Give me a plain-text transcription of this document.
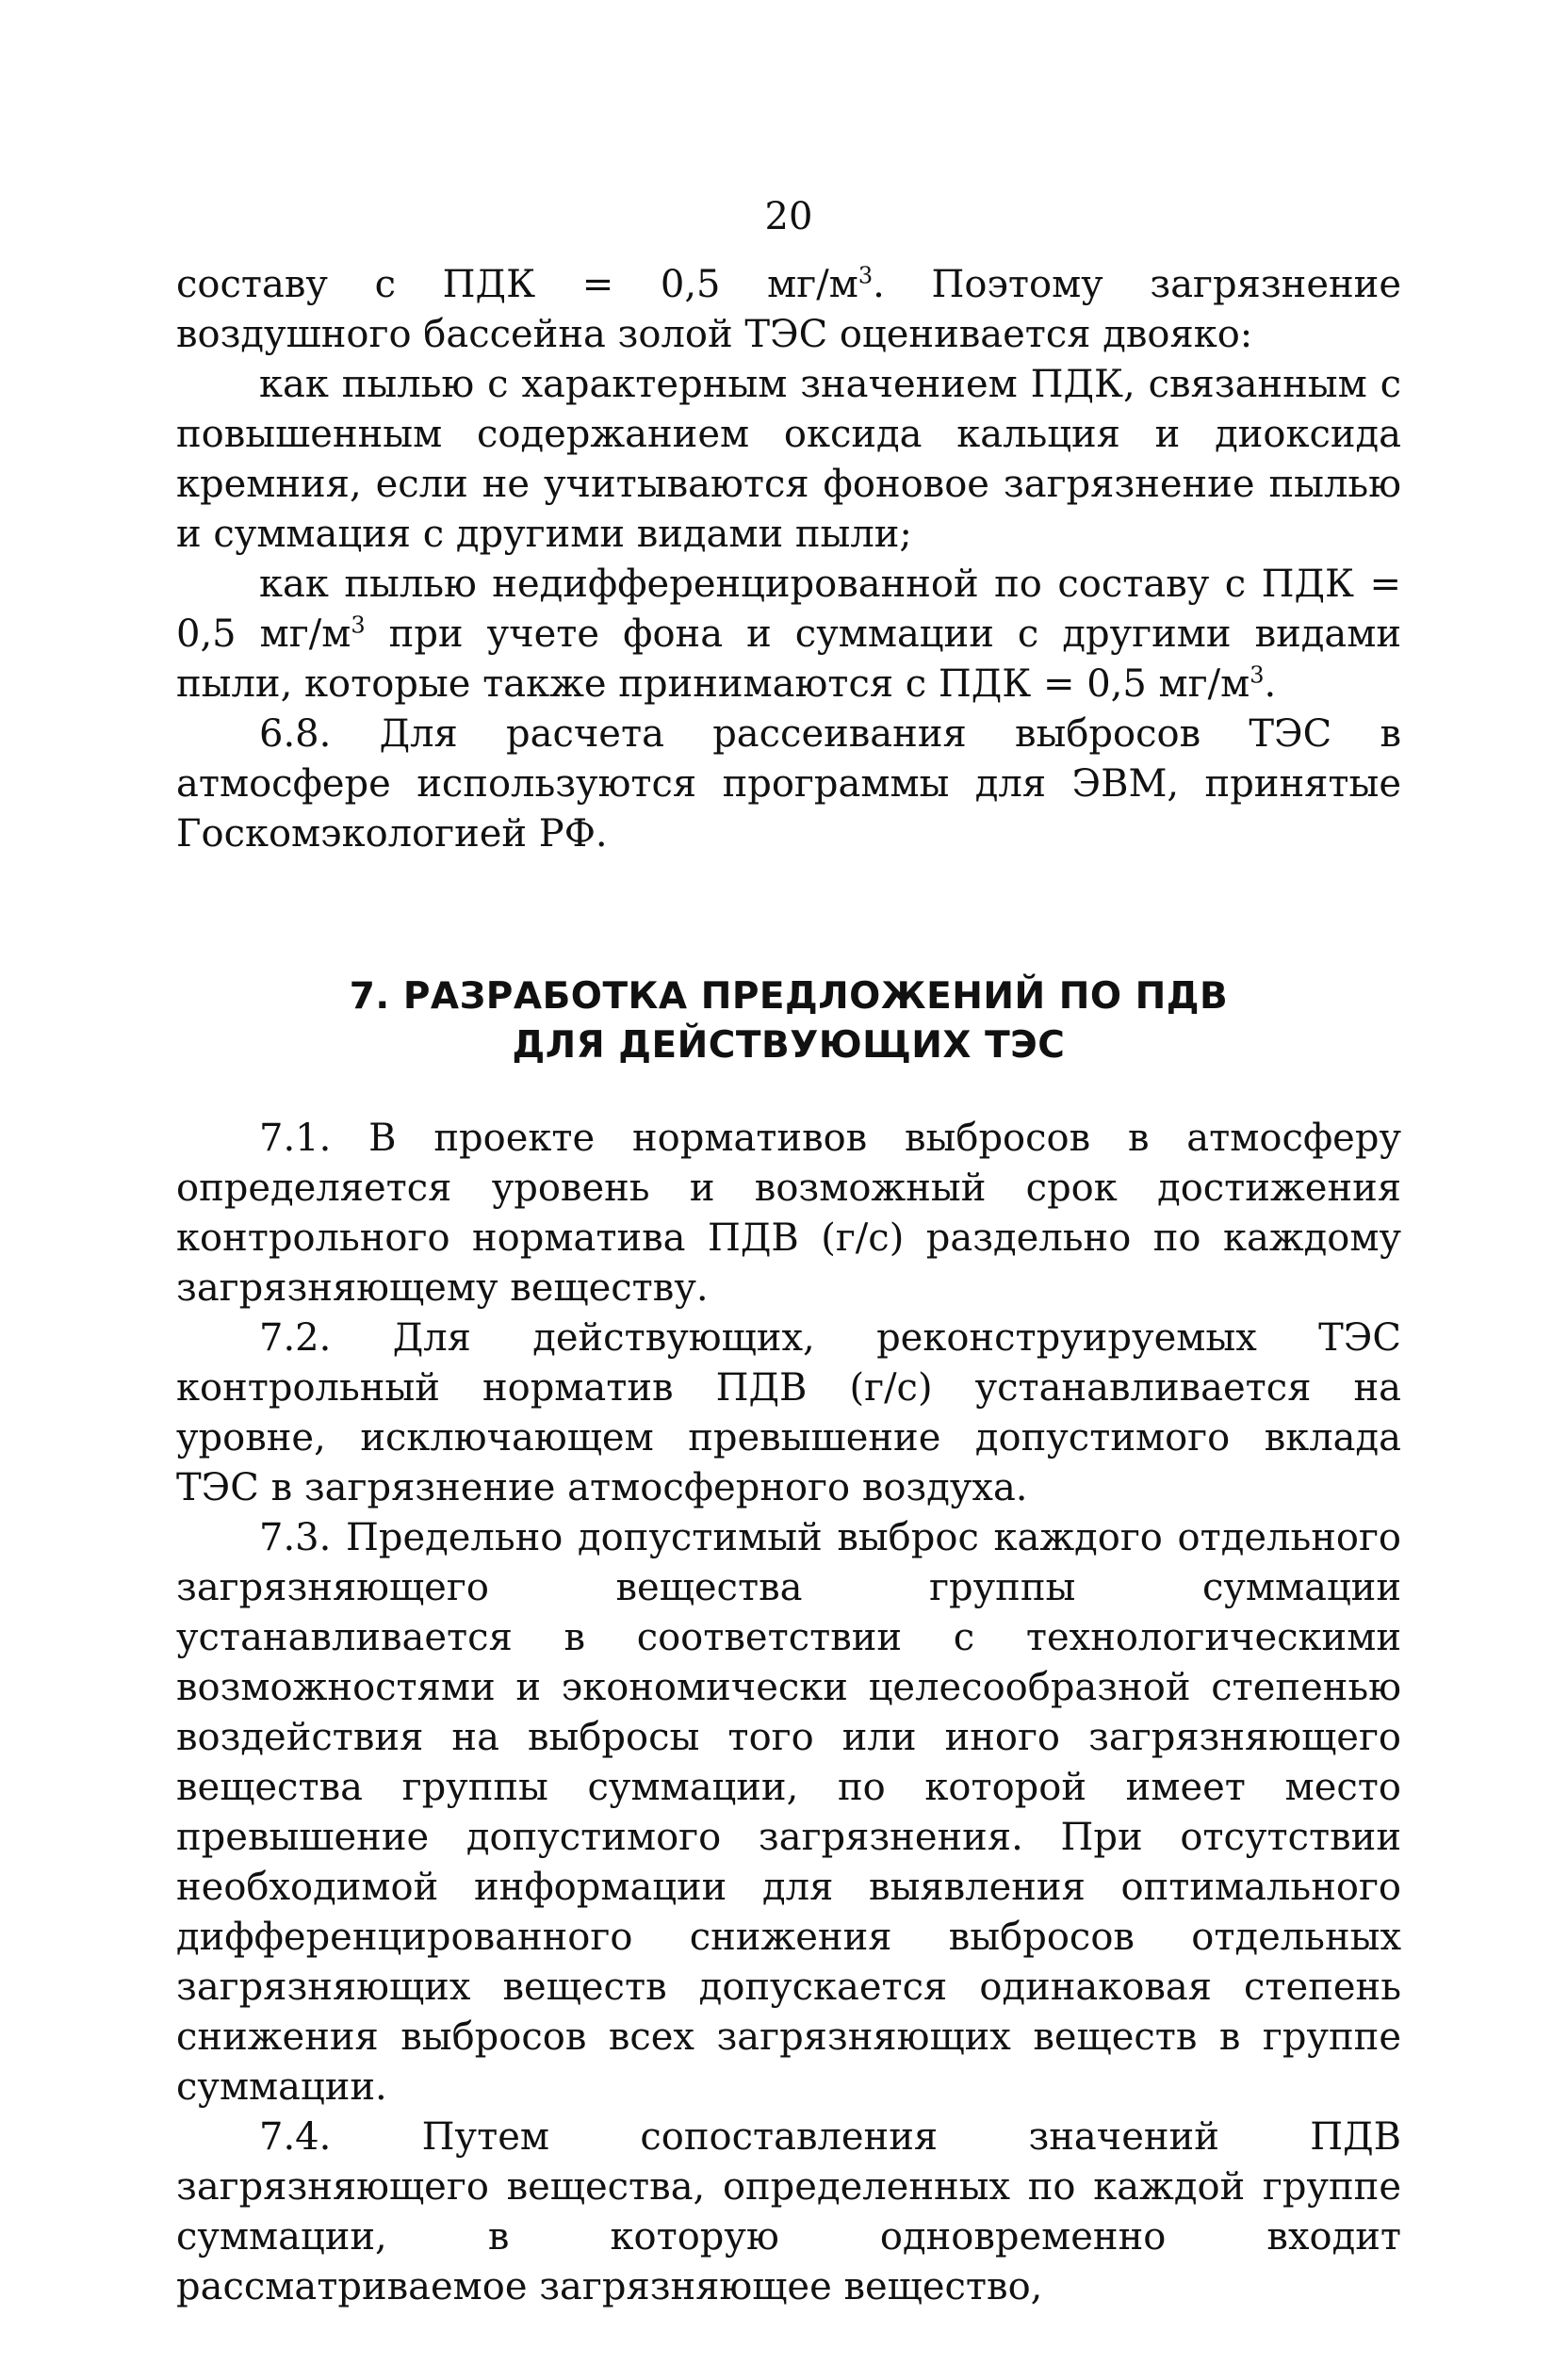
20

составу с ПДК = 0,5 $мг/м^3$. Поэтому загрязнение воздушного бассейна золой ТЭС оценивается двояко:

как пылью с характерным значением ПДК, связанным с повышенным содержанием оксида кальция и диоксида кремния, если не учитываются фоновое загрязнение пылью и суммация с другими видами пыли;

как пылью недифференцированной по составу с ПДК = 0,5 $мг/м^3$ при учете фона и суммации с другими видами пыли, которые также принимаются с ПДК = 0,5 $мг/м^3$.

6.8. Для расчета рассеивания выбросов ТЭС в атмосфере используются программы для ЭВМ, принятые Госкомэкологией РФ.

7. РАЗРАБОТКА ПРЕДЛОЖЕНИЙ ПО ПДВ
ДЛЯ ДЕЙСТВУЮЩИХ ТЭС

7.1. В проекте нормативов выбросов в атмосферу определяется уровень и возможный срок достижения контрольного норматива ПДВ (г/с) раздельно по каждому загрязняющему веществу.

7.2. Для действующих, реконструируемых ТЭС контрольный норматив ПДВ (г/с) устанавливается на уровне, исключающем превышение допустимого вклада ТЭС в загрязнение атмосферного воздуха.

7.3. Предельно допустимый выброс каждого отдельного загрязняющего вещества группы суммации устанавливается в соответствии с технологическими возможностями и экономически целесообразной степенью воздействия на выбросы того или иного загрязняющего вещества группы суммации, по которой имеет место превышение допустимого загрязнения. При отсутствии необходимой информации для выявления оптимального дифференцированного снижения выбросов отдельных загрязняющих веществ допускается одинаковая степень снижения выбросов всех загрязняющих веществ в группе суммации.

7.4. Путем сопоставления значений ПДВ загрязняющего вещества, определенных по каждой группе суммации, в которую одновременно входит рассматриваемое загрязняющее вещество,
